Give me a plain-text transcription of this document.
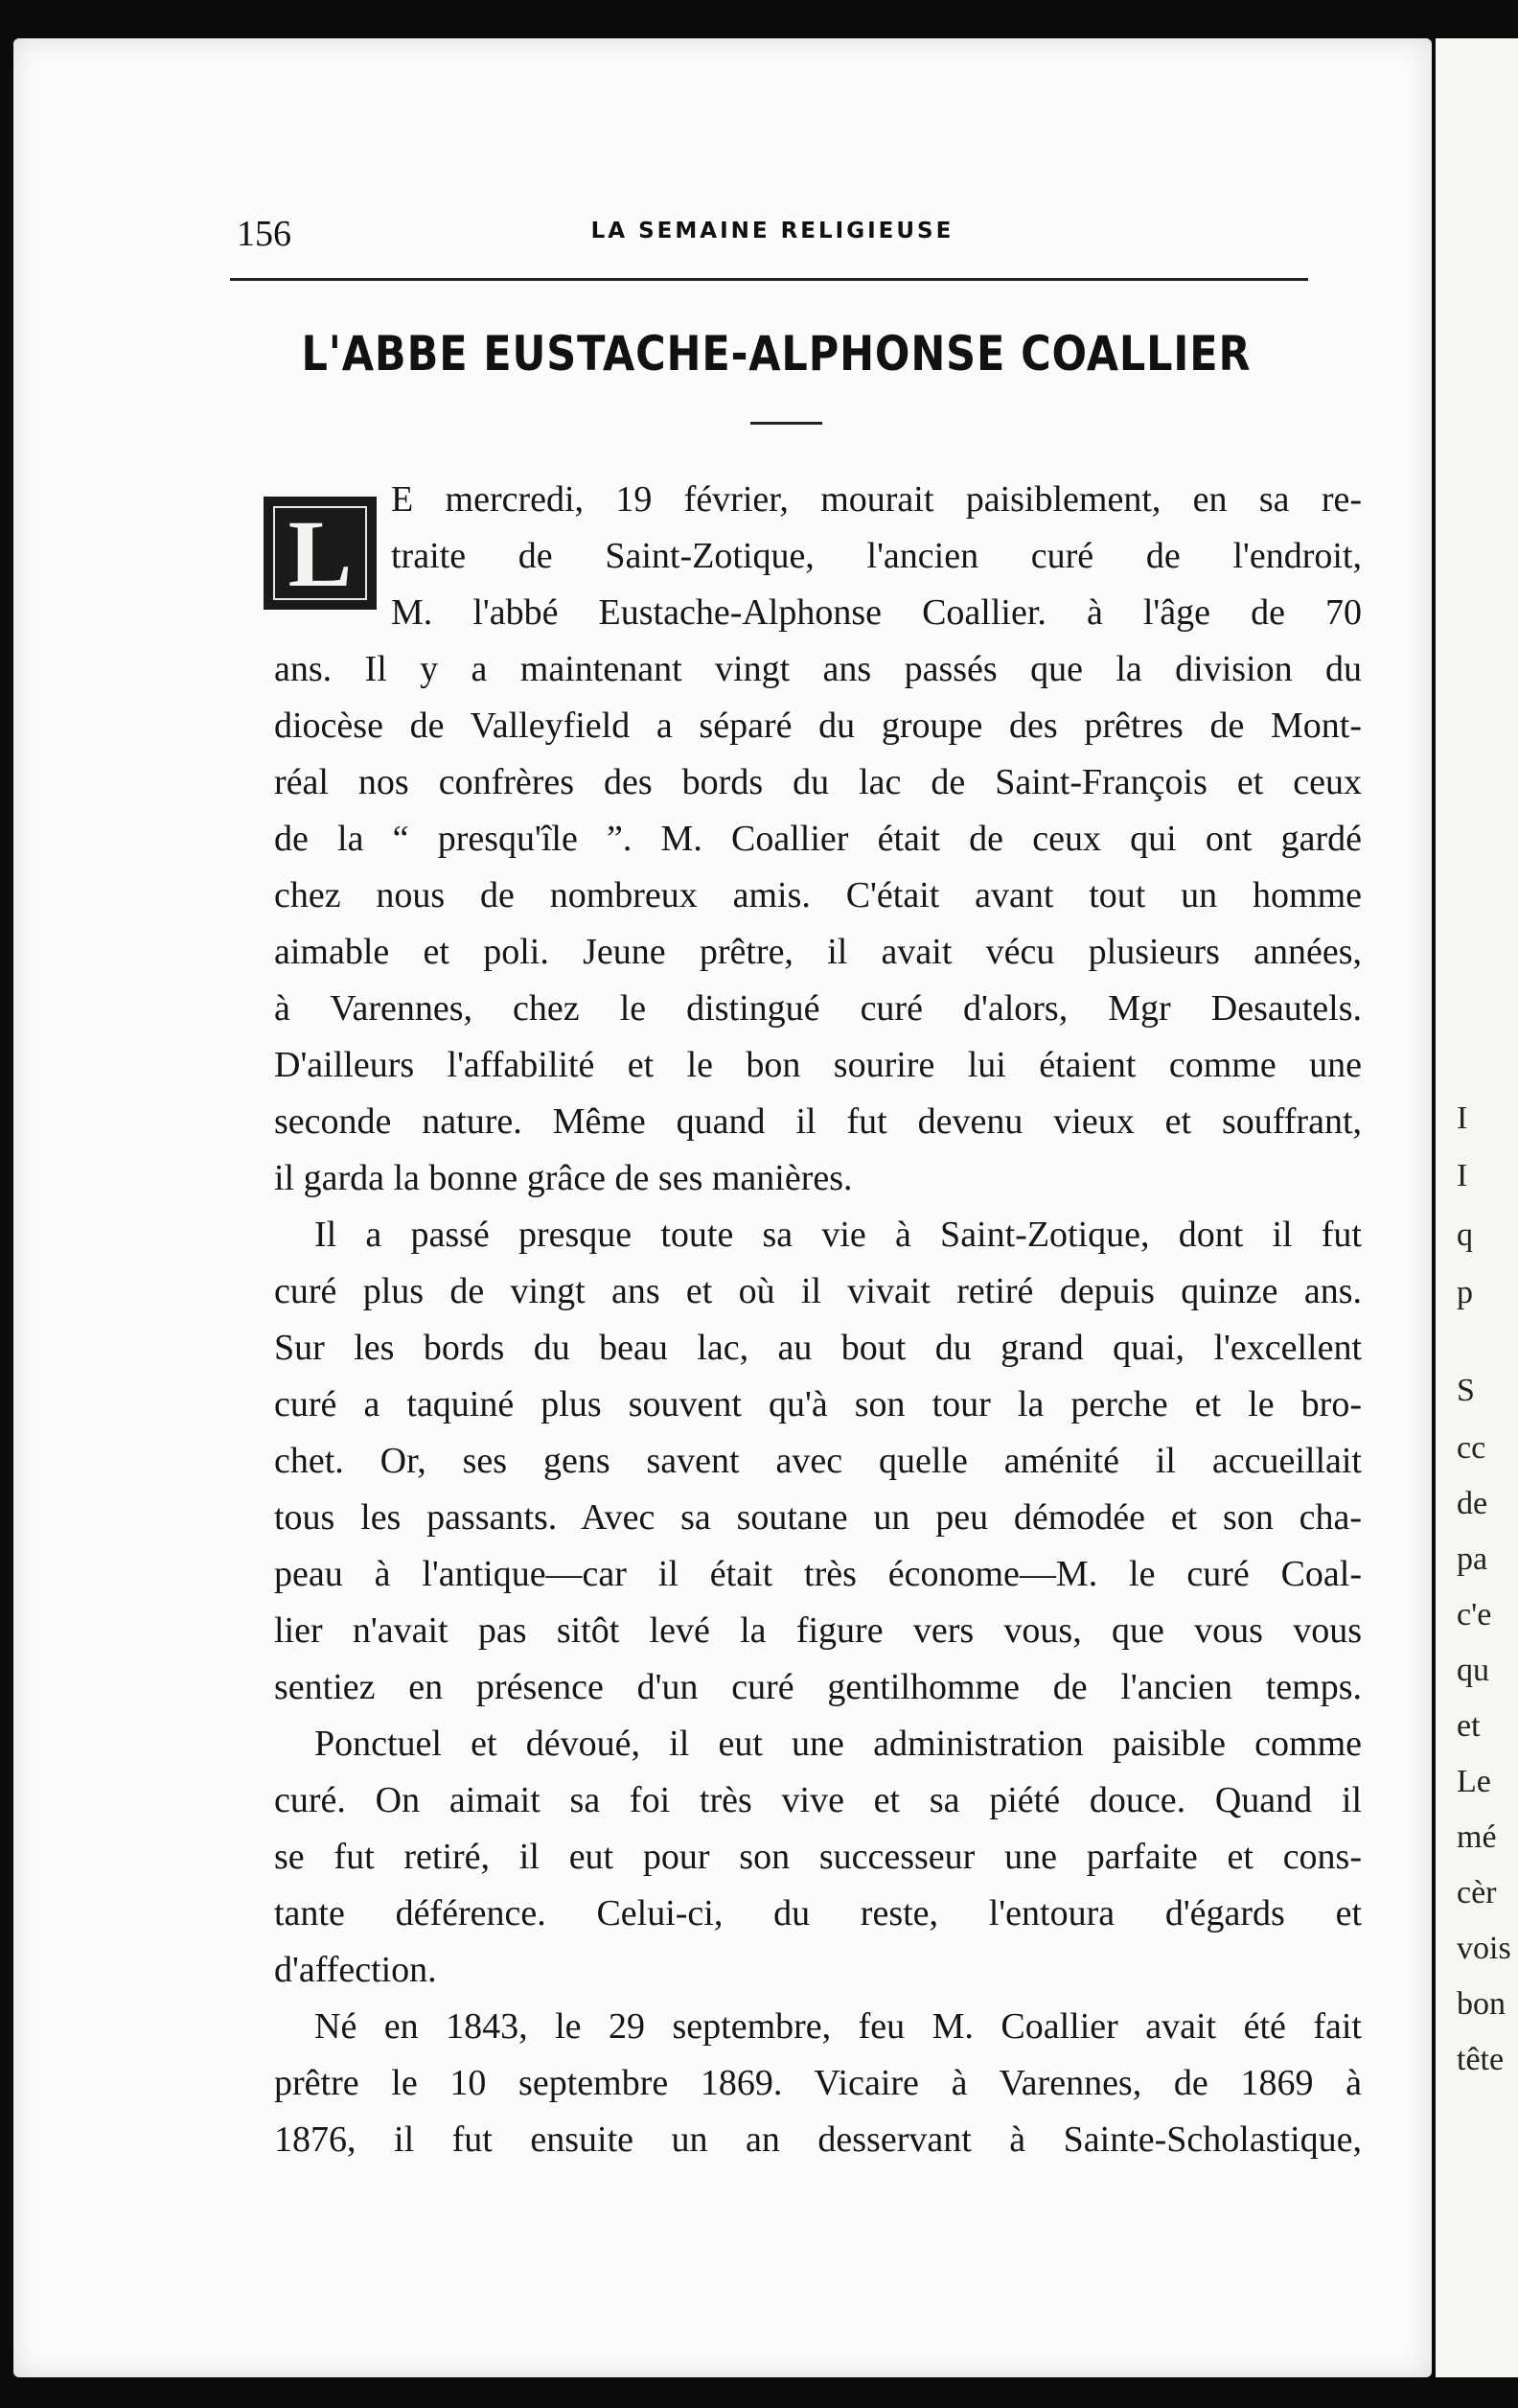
I
I
q
p
S
cc
de
pa
c'e
qu
et
Le
mé
cèr
vois
bon
tête
156	LA SEMAINE RELIGIEUSE
L'ABBE EUSTACHE-ALPHONSE COALLIER
L
E mercredi, 19 février, mourait paisiblement, en sa re-
traite de Saint-Zotique, l'ancien curé de l'endroit,
M. l'abbé Eustache-Alphonse Coallier. à l'âge de 70
ans. Il y a maintenant vingt ans passés que la division du
diocèse de Valleyfield a séparé du groupe des prêtres de Mont-
réal nos confrères des bords du lac de Saint-François et ceux
de la “ presqu'île ”. M. Coallier était de ceux qui ont gardé
chez nous de nombreux amis. C'était avant tout un homme
aimable et poli. Jeune prêtre, il avait vécu plusieurs années,
à Varennes, chez le distingué curé d'alors, Mgr Desautels.
D'ailleurs l'affabilité et le bon sourire lui étaient comme une
seconde nature. Même quand il fut devenu vieux et souffrant,
il garda la bonne grâce de ses manières.
Il a passé presque toute sa vie à Saint-Zotique, dont il fut
curé plus de vingt ans et où il vivait retiré depuis quinze ans.
Sur les bords du beau lac, au bout du grand quai, l'excellent
curé a taquiné plus souvent qu'à son tour la perche et le bro-
chet. Or, ses gens savent avec quelle aménité il accueillait
tous les passants. Avec sa soutane un peu démodée et son cha-
peau à l'antique—car il était très économe—M. le curé Coal-
lier n'avait pas sitôt levé la figure vers vous, que vous vous
sentiez en présence d'un curé gentilhomme de l'ancien temps.
Ponctuel et dévoué, il eut une administration paisible comme
curé. On aimait sa foi très vive et sa piété douce. Quand il
se fut retiré, il eut pour son successeur une parfaite et cons-
tante déférence. Celui-ci, du reste, l'entoura d'égards et
d'affection.
Né en 1843, le 29 septembre, feu M. Coallier avait été fait
prêtre le 10 septembre 1869. Vicaire à Varennes, de 1869 à
1876, il fut ensuite un an desservant à Sainte-Scholastique,
